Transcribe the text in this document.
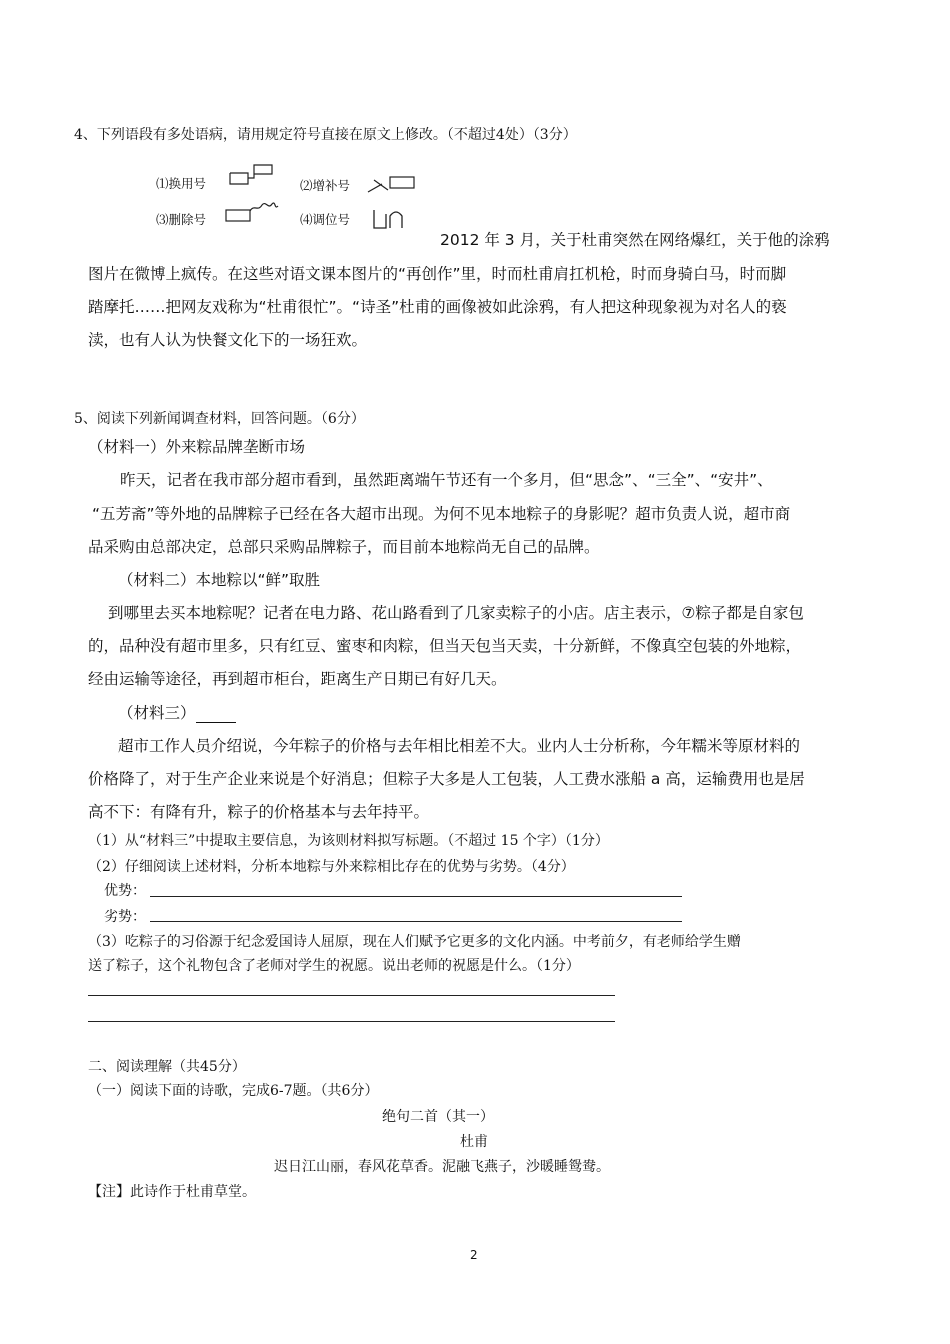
4、下列语段有多处语病，请用规定符号直接在原文上修改。（不超过4处）（3分）
⑴换用号	⑵增补号
⑶删除号	⑷调位号
2012 年 3 月，关于杜甫突然在网络爆红，关于他的涂鸦
图片在微博上疯传。在这些对语文课本图片的“再创作”里，时而杜甫肩扛机枪，时而身骑白马，时而脚
踏摩托……把网友戏称为“杜甫很忙”。“诗圣”杜甫的画像被如此涂鸦，有人把这种现象视为对名人的亵
渎，也有人认为快餐文化下的一场狂欢。
5、阅读下列新闻调查材料，回答问题。（6分）
（材料一）外来粽品牌垄断市场
昨天，记者在我市部分超市看到，虽然距离端午节还有一个多月，但“思念”、“三全”、“安井”、
“五芳斋”等外地的品牌粽子已经在各大超市出现。为何不见本地粽子的身影呢？超市负责人说，超市商
品采购由总部决定，总部只采购品牌粽子，而目前本地粽尚无自己的品牌。
（材料二）本地粽以“鲜”取胜
到哪里去买本地粽呢？记者在电力路、花山路看到了几家卖粽子的小店。店主表示，⑦粽子都是自家包
的，品种没有超市里多，只有红豆、蜜枣和肉粽，但当天包当天卖，十分新鲜，不像真空包装的外地粽，
经由运输等途径，再到超市柜台，距离生产日期已有好几天。
（材料三）
超市工作人员介绍说，今年粽子的价格与去年相比相差不大。业内人士分析称，今年糯米等原材料的
价格降了，对于生产企业来说是个好消息；但粽子大多是人工包装，人工费水涨船 a 高，运输费用也是居
高不下：有降有升，粽子的价格基本与去年持平。
（1）从“材料三”中提取主要信息，为该则材料拟写标题。（不超过 15 个字）（1分）
（2）仔细阅读上述材料，分析本地粽与外来粽相比存在的优势与劣势。（4分）
优势：
劣势：
（3）吃粽子的习俗源于纪念爱国诗人屈原，现在人们赋予它更多的文化内涵。中考前夕，有老师给学生赠
送了粽子，这个礼物包含了老师对学生的祝愿。说出老师的祝愿是什么。（1分）
二、阅读理解（共45分）
（一）阅读下面的诗歌，完成6-7题。（共6分）
绝句二首（其一）
杜甫
迟日江山丽，春风花草香。泥融飞燕子，沙暖睡鸳鸯。
【注】此诗作于杜甫草堂。
2
